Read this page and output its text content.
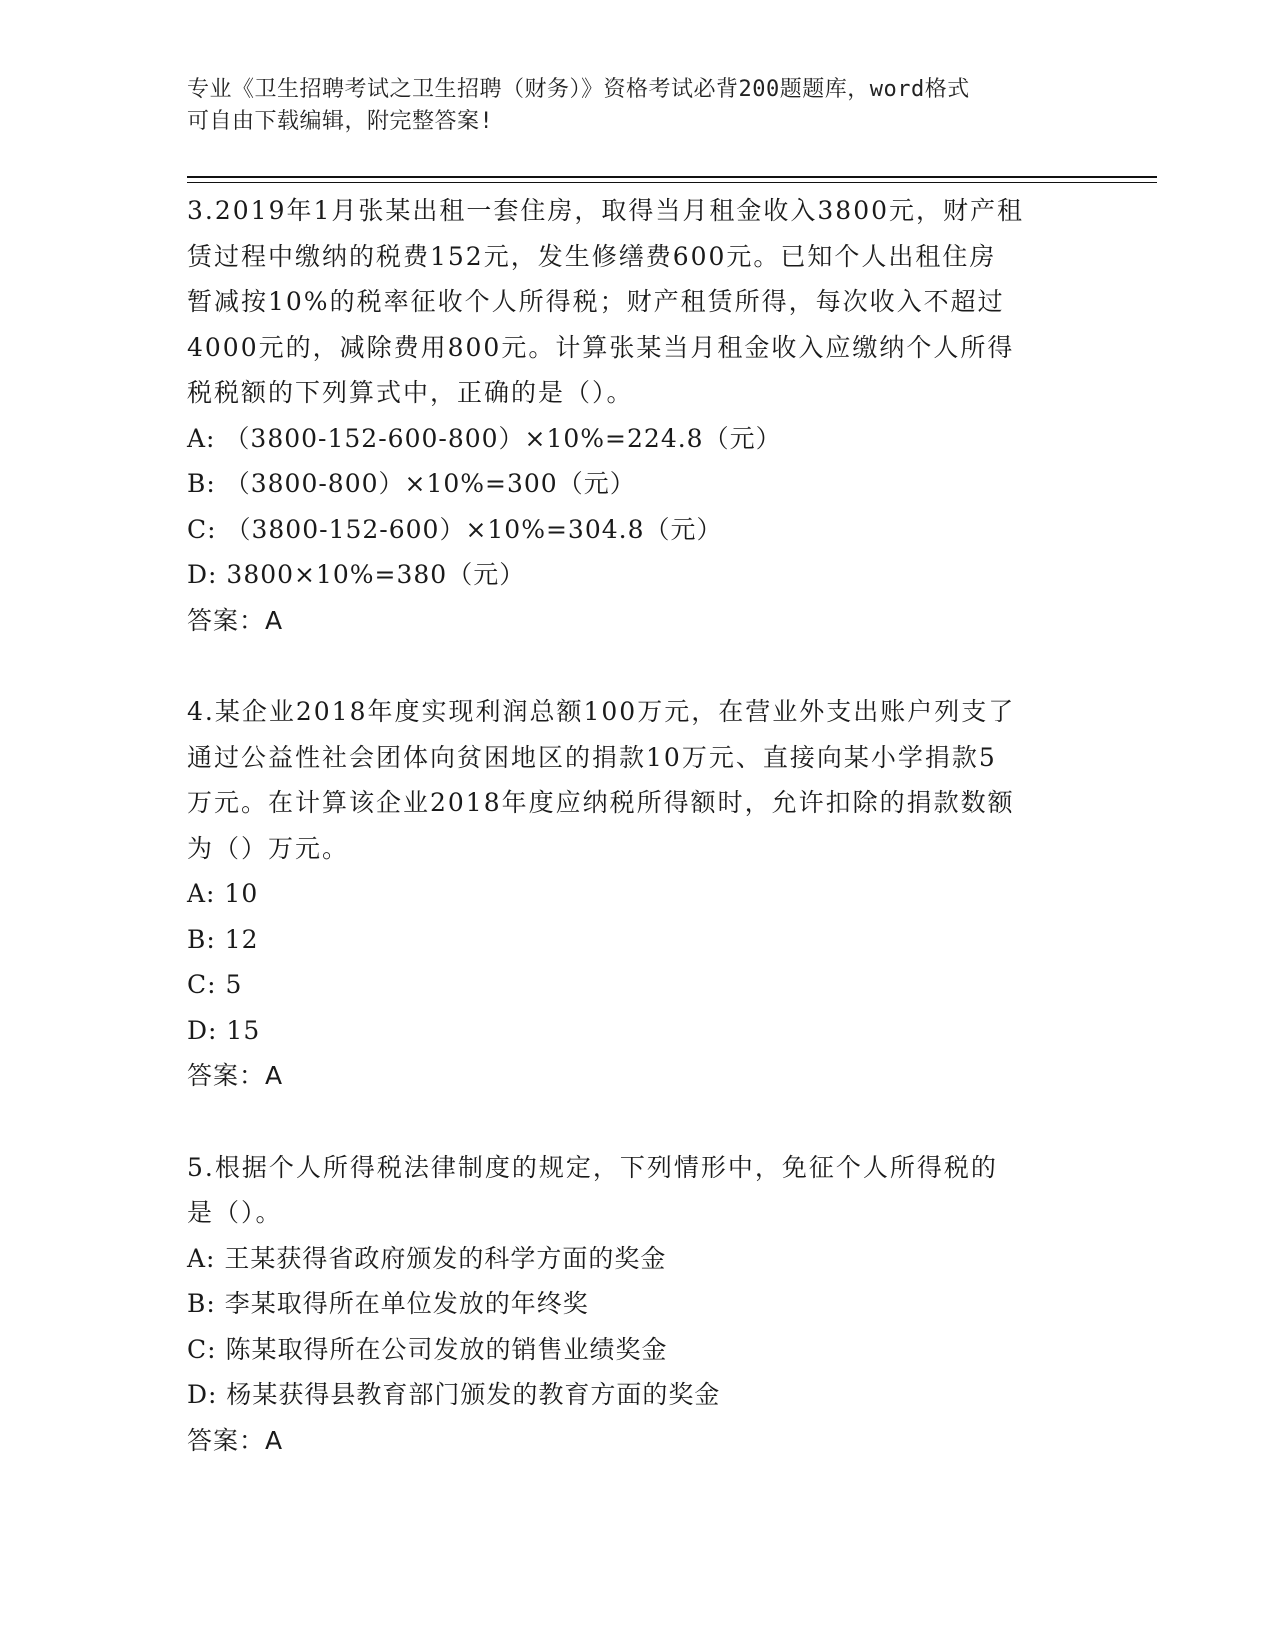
专业《卫生招聘考试之卫生招聘（财务）》资格考试必背200题题库，word格式
可自由下载编辑，附完整答案!
3.2019年1月张某出租一套住房，取得当月租金收入3800元，财产租
赁过程中缴纳的税费152元，发生修缮费600元。已知个人出租住房
暂减按10%的税率征收个人所得税；财产租赁所得，每次收入不超过
4000元的，减除费用800元。计算张某当月租金收入应缴纳个人所得
税税额的下列算式中，正确的是（）。
A: （3800-152-600-800）×10%=224.8（元）
B: （3800-800）×10%=300（元）
C: （3800-152-600）×10%=304.8（元）
D: 3800×10%=380（元）
答案：A
4.某企业2018年度实现利润总额100万元，在营业外支出账户列支了
通过公益性社会团体向贫困地区的捐款10万元、直接向某小学捐款5
万元。在计算该企业2018年度应纳税所得额时，允许扣除的捐款数额
为（）万元。
A: 10
B: 12
C: 5
D: 15
答案：A
5.根据个人所得税法律制度的规定，下列情形中，免征个人所得税的
是（）。
A: 王某获得省政府颁发的科学方面的奖金
B: 李某取得所在单位发放的年终奖
C: 陈某取得所在公司发放的销售业绩奖金
D: 杨某获得县教育部门颁发的教育方面的奖金
答案：A
